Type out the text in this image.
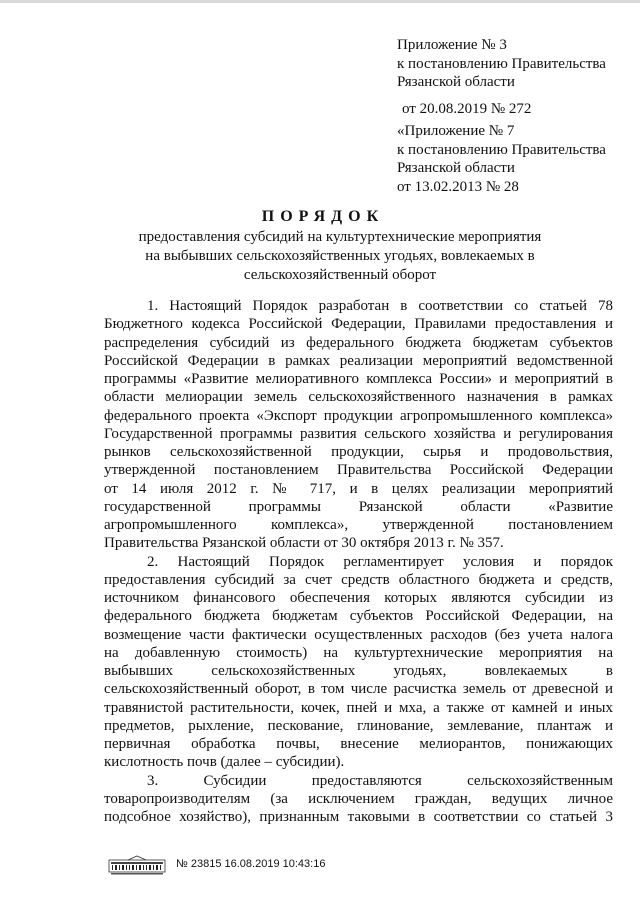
Приложение № 3
к постановлению Правительства
Рязанской области
от 20.08.2019 № 272
«Приложение № 7
к постановлению Правительства
Рязанской области
от 13.02.2013 № 28
ПОРЯДОК
предоставления субсидий на культуртехнические мероприятия
на выбывших сельскохозяйственных угодьях, вовлекаемых в
сельскохозяйственный оборот
1. Настоящий Порядок разработан в соответствии со статьей 78
Бюджетного кодекса Российской Федерации, Правилами предоставления и
распределения субсидий из федерального бюджета бюджетам субъектов
Российской Федерации в рамках реализации мероприятий ведомственной
программы «Развитие мелиоративного комплекса России» и мероприятий в
области мелиорации земель сельскохозяйственного назначения в рамках
федерального проекта «Экспорт продукции агропромышленного комплекса»
Государственной программы развития сельского хозяйства и регулирования
рынков сельскохозяйственной продукции, сырья и продовольствия,
утвержденной постановлением Правительства Российской Федерации
от 14 июля 2012 г. № 717, и в целях реализации мероприятий
государственной программы Рязанской области «Развитие
агропромышленного комплекса», утвержденной постановлением
Правительства Рязанской области от 30 октября 2013 г. № 357.
2. Настоящий Порядок регламентирует условия и порядок
предоставления субсидий за счет средств областного бюджета и средств,
источником финансового обеспечения которых являются субсидии из
федерального бюджета бюджетам субъектов Российской Федерации, на
возмещение части фактически осуществленных расходов (без учета налога
на добавленную стоимость) на культуртехнические мероприятия на
выбывших сельскохозяйственных угодьях, вовлекаемых в
сельскохозяйственный оборот, в том числе расчистка земель от древесной и
травянистой растительности, кочек, пней и мха, а также от камней и иных
предметов, рыхление, пескование, глинование, землевание, плантаж и
первичная обработка почвы, внесение мелиорантов, понижающих
кислотность почв (далее – субсидии).
3. Субсидии предоставляются сельскохозяйственным
товаропроизводителям (за исключением граждан, ведущих личное
подсобное хозяйство), признанным таковыми в соответствии со статьей 3
№ 23815 16.08.2019 10:43:16
